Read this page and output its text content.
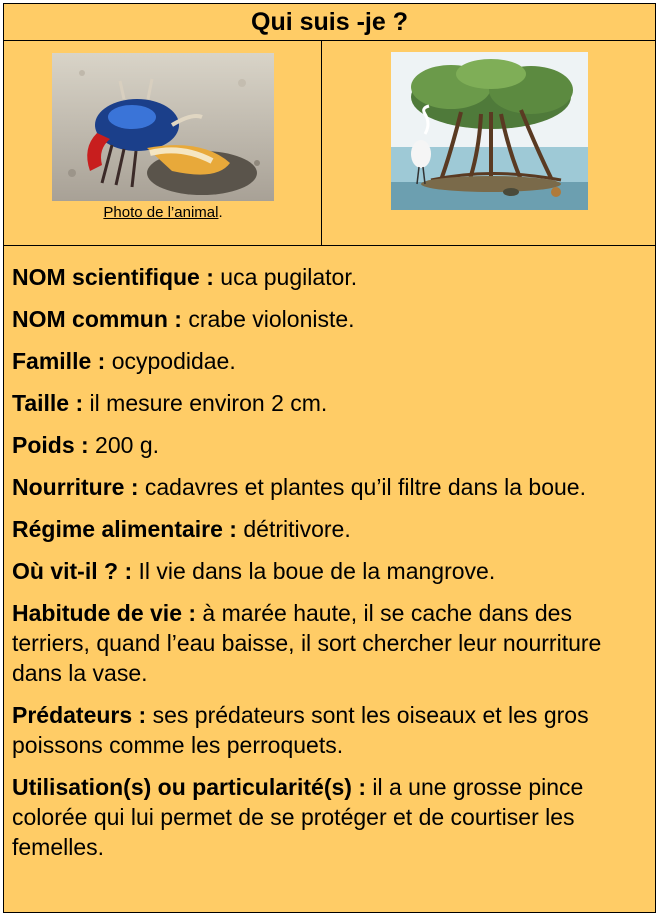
Qui suis -je ?
Photo de l’animal.

NOM scientifique : uca pugilator.

NOM commun : crabe violoniste.

Famille : ocypodidae.

Taille : il mesure environ 2 cm.

Poids : 200 g.

Nourriture : cadavres et plantes qu’il filtre dans la boue.

Régime alimentaire : détritivore.

Où vit-il ? : Il vie dans la boue de la mangrove.

Habitude de vie : à marée haute, il se cache dans des terriers, quand l’eau baisse, il sort chercher leur nourriture dans la vase.

Prédateurs : ses prédateurs sont les oiseaux et les gros poissons comme les perroquets.

Utilisation(s) ou particularité(s) : il a une grosse pince colorée qui lui permet de se protéger et de courtiser les femelles.
